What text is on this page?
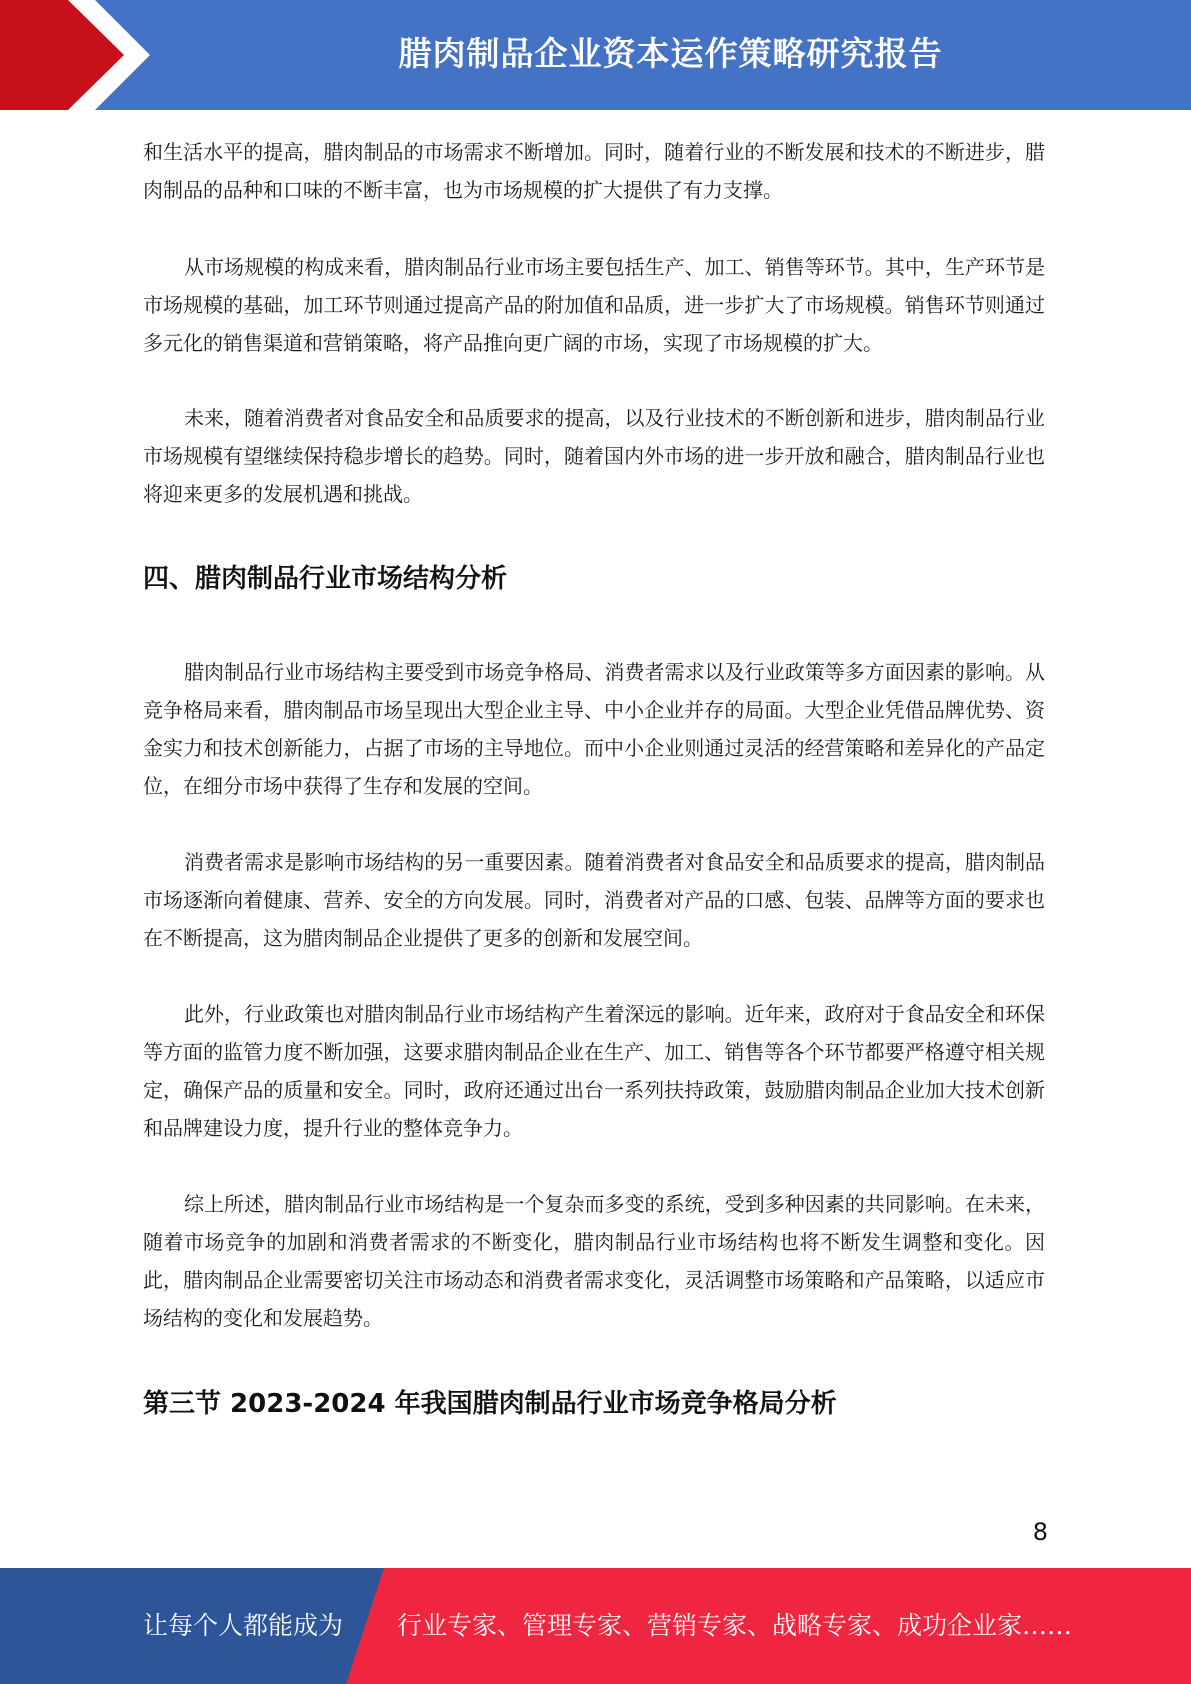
腊肉制品企业资本运作策略研究报告

和生活水平的提高，腊肉制品的市场需求不断增加。同时，随着行业的不断发展和技术的不断进步，腊肉制品的品种和口味的不断丰富，也为市场规模的扩大提供了有力支撑。

从市场规模的构成来看，腊肉制品行业市场主要包括生产、加工、销售等环节。其中，生产环节是市场规模的基础，加工环节则通过提高产品的附加值和品质，进一步扩大了市场规模。销售环节则通过多元化的销售渠道和营销策略，将产品推向更广阔的市场，实现了市场规模的扩大。

未来，随着消费者对食品安全和品质要求的提高，以及行业技术的不断创新和进步，腊肉制品行业市场规模有望继续保持稳步增长的趋势。同时，随着国内外市场的进一步开放和融合，腊肉制品行业也将迎来更多的发展机遇和挑战。

四、腊肉制品行业市场结构分析

腊肉制品行业市场结构主要受到市场竞争格局、消费者需求以及行业政策等多方面因素的影响。从竞争格局来看，腊肉制品市场呈现出大型企业主导、中小企业并存的局面。大型企业凭借品牌优势、资金实力和技术创新能力，占据了市场的主导地位。而中小企业则通过灵活的经营策略和差异化的产品定位，在细分市场中获得了生存和发展的空间。

消费者需求是影响市场结构的另一重要因素。随着消费者对食品安全和品质要求的提高，腊肉制品市场逐渐向着健康、营养、安全的方向发展。同时，消费者对产品的口感、包装、品牌等方面的要求也在不断提高，这为腊肉制品企业提供了更多的创新和发展空间。

此外，行业政策也对腊肉制品行业市场结构产生着深远的影响。近年来，政府对于食品安全和环保等方面的监管力度不断加强，这要求腊肉制品企业在生产、加工、销售等各个环节都要严格遵守相关规定，确保产品的质量和安全。同时，政府还通过出台一系列扶持政策，鼓励腊肉制品企业加大技术创新和品牌建设力度，提升行业的整体竞争力。

综上所述，腊肉制品行业市场结构是一个复杂而多变的系统，受到多种因素的共同影响。在未来，随着市场竞争的加剧和消费者需求的不断变化，腊肉制品行业市场结构也将不断发生调整和变化。因此，腊肉制品企业需要密切关注市场动态和消费者需求变化，灵活调整市场策略和产品策略，以适应市场结构的变化和发展趋势。

第三节 2023-2024 年我国腊肉制品行业市场竞争格局分析
8
让每个人都能成为 行业专家、管理专家、营销专家、战略专家、成功企业家……
